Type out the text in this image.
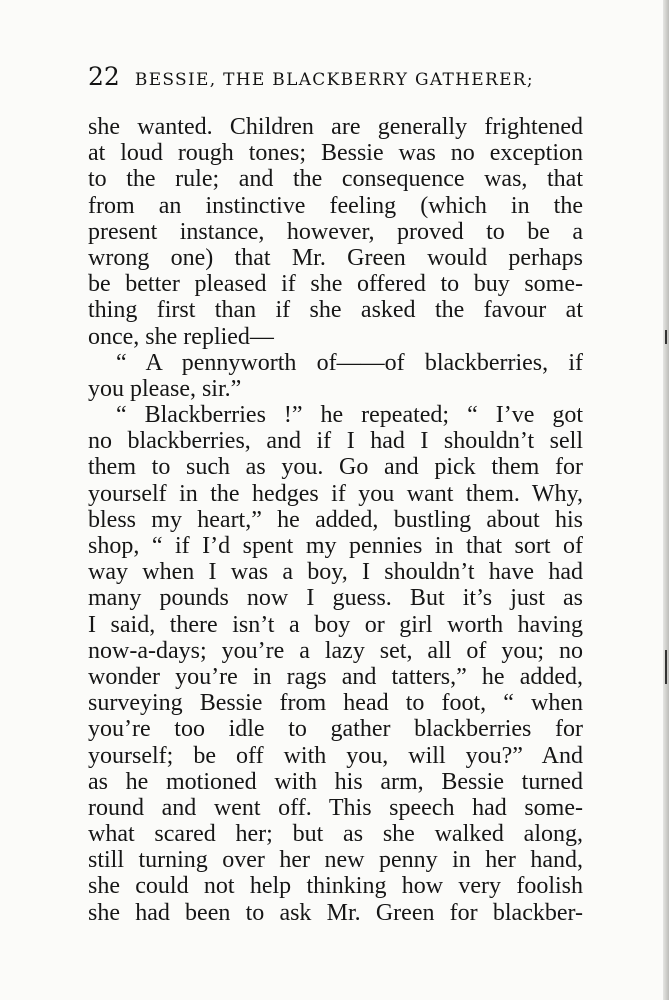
22 BESSIE, THE BLACKBERRY GATHERER;
she wanted. Children are generally frightened
at loud rough tones; Bessie was no exception
to the rule; and the consequence was, that
from an instinctive feeling (which in the
present instance, however, proved to be a
wrong one) that Mr. Green would perhaps
be better pleased if she offered to buy some-
thing first than if she asked the favour at
once, she replied—
“ A pennyworth of——of blackberries, if
you please, sir.”
“ Blackberries !” he repeated; “ I’ve got
no blackberries, and if I had I shouldn’t sell
them to such as you. Go and pick them for
yourself in the hedges if you want them. Why,
bless my heart,” he added, bustling about his
shop, “ if I’d spent my pennies in that sort of
way when I was a boy, I shouldn’t have had
many pounds now I guess. But it’s just as
I said, there isn’t a boy or girl worth having
now-a-days; you’re a lazy set, all of you; no
wonder you’re in rags and tatters,” he added,
surveying Bessie from head to foot, “ when
you’re too idle to gather blackberries for
yourself; be off with you, will you?” And
as he motioned with his arm, Bessie turned
round and went off. This speech had some-
what scared her; but as she walked along,
still turning over her new penny in her hand,
she could not help thinking how very foolish
she had been to ask Mr. Green for blackber-
